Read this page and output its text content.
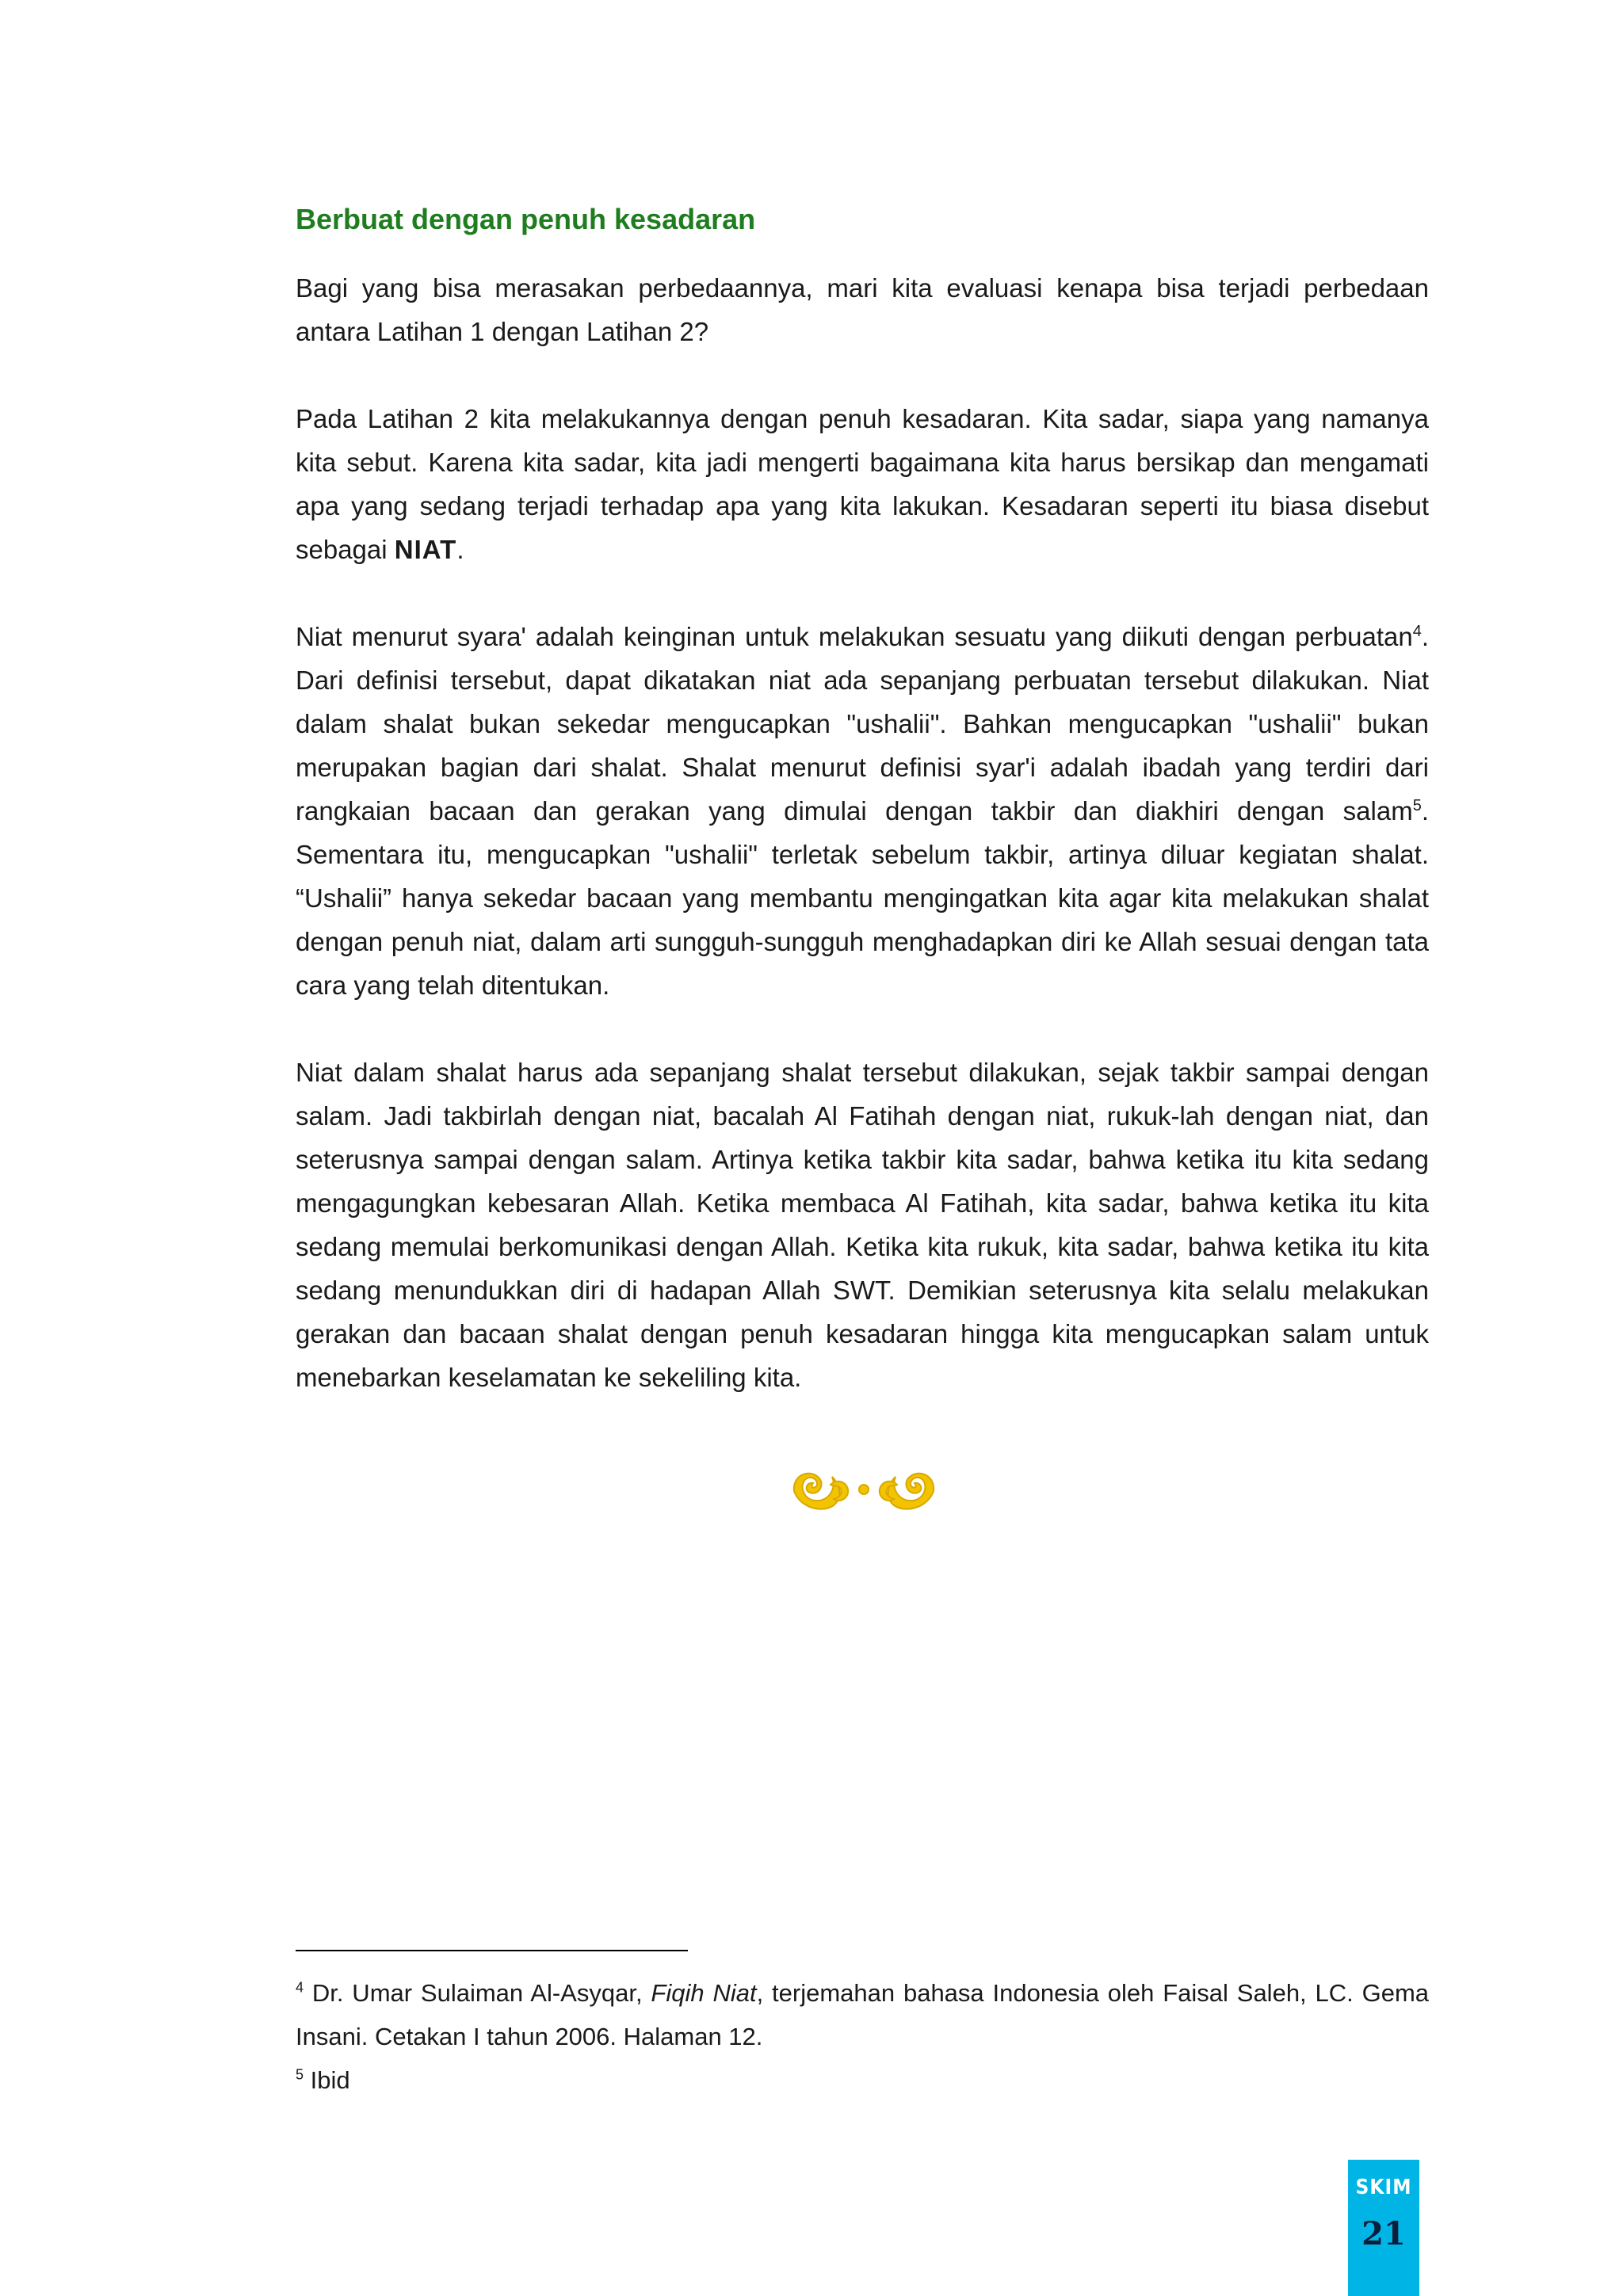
Berbuat dengan penuh kesadaran

Bagi yang bisa merasakan perbedaannya, mari kita evaluasi kenapa bisa terjadi perbedaan antara Latihan 1 dengan Latihan 2?

Pada Latihan 2 kita melakukannya dengan penuh kesadaran. Kita sadar, siapa yang namanya kita sebut. Karena kita sadar, kita jadi mengerti bagaimana kita harus bersikap dan mengamati apa yang sedang terjadi terhadap apa yang kita lakukan. Kesadaran seperti itu biasa disebut sebagai NIAT.

Niat menurut syara' adalah keinginan untuk melakukan sesuatu yang diikuti dengan perbuatan$^4$. Dari definisi tersebut, dapat dikatakan niat ada sepanjang perbuatan tersebut dilakukan. Niat dalam shalat bukan sekedar mengucapkan "ushalii". Bahkan mengucapkan "ushalii" bukan merupakan bagian dari shalat. Shalat menurut definisi syar'i adalah ibadah yang terdiri dari rangkaian bacaan dan gerakan yang dimulai dengan takbir dan diakhiri dengan salam$^5$. Sementara itu, mengucapkan "ushalii" terletak sebelum takbir, artinya diluar kegiatan shalat. “Ushalii” hanya sekedar bacaan yang membantu mengingatkan kita agar kita melakukan shalat dengan penuh niat, dalam arti sungguh-sungguh menghadapkan diri ke Allah sesuai dengan tata cara yang telah ditentukan.

Niat dalam shalat harus ada sepanjang shalat tersebut dilakukan, sejak takbir sampai dengan salam. Jadi takbirlah dengan niat, bacalah Al Fatihah dengan niat, rukuk-lah dengan niat, dan seterusnya sampai dengan salam. Artinya ketika takbir kita sadar, bahwa ketika itu kita sedang mengagungkan kebesaran Allah. Ketika membaca Al Fatihah, kita sadar, bahwa ketika itu kita sedang memulai berkomunikasi dengan Allah. Ketika kita rukuk, kita sadar, bahwa ketika itu kita sedang menundukkan diri di hadapan Allah SWT. Demikian seterusnya kita selalu melakukan gerakan dan bacaan shalat dengan penuh kesadaran hingga kita mengucapkan salam untuk menebarkan keselamatan ke sekeliling kita.

$^4$ Dr. Umar Sulaiman Al-Asyqar, Fiqih Niat, terjemahan bahasa Indonesia oleh Faisal Saleh, LC. Gema Insani. Cetakan I tahun 2006. Halaman 12.

$^5$ Ibid

SKIM
21
